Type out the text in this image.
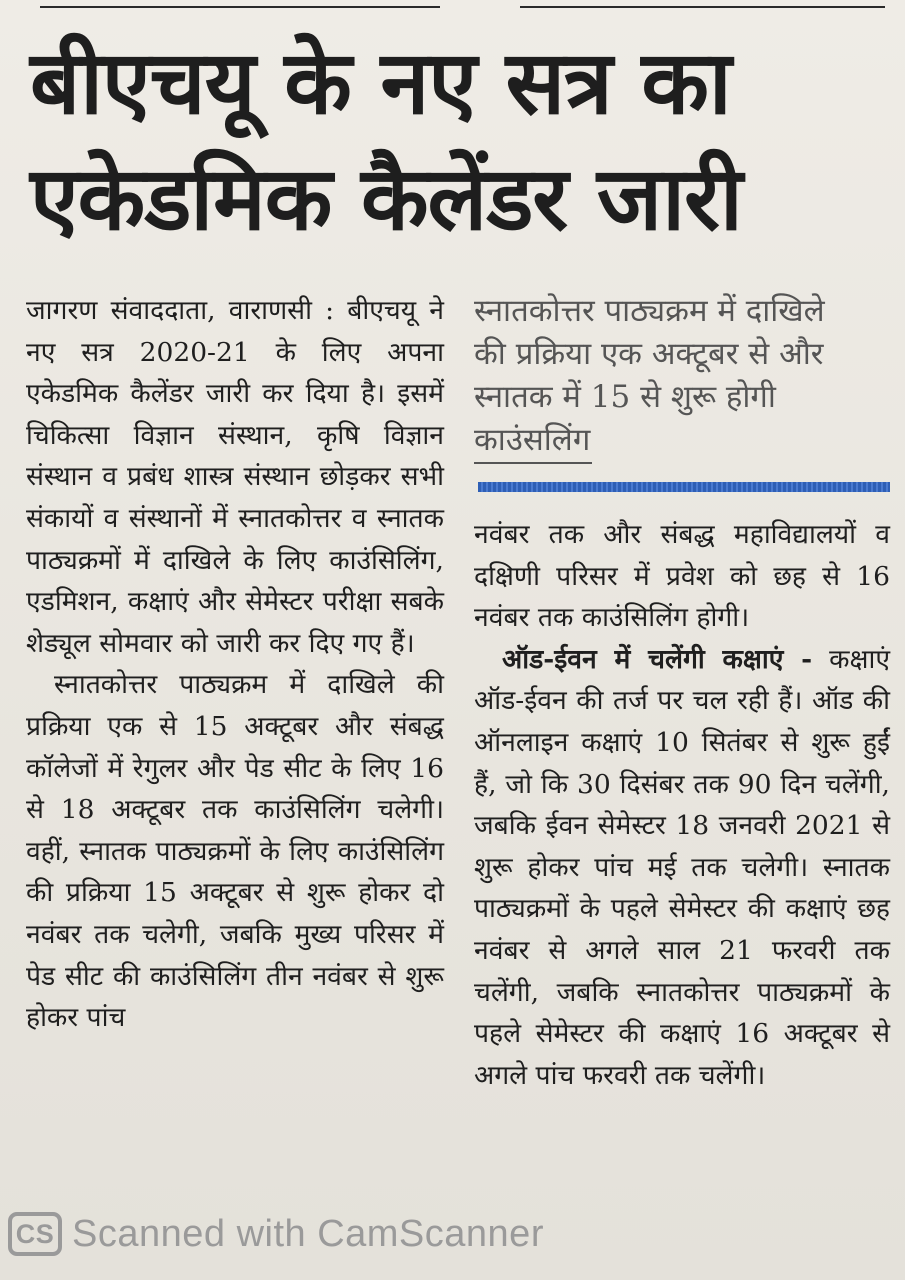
बीएचयू के नए सत्र का
एकेडमिक कैलेंडर जारी

जागरण संवाददाता, वाराणसी : बीएचयू ने नए सत्र 2020-21 के लिए अपना एकेडमिक कैलेंडर जारी कर दिया है। इसमें चिकित्सा विज्ञान संस्थान, कृषि विज्ञान संस्थान व प्रबंध शास्त्र संस्थान छोड़कर सभी संकायों व संस्थानों में स्नातकोत्तर व स्नातक पाठ्यक्रमों में दाखिले के लिए काउंसिलिंग, एडमिशन, कक्षाएं और सेमेस्टर परीक्षा सबके शेड्यूल सोमवार को जारी कर दिए गए हैं।

स्नातकोत्तर पाठ्यक्रम में दाखिले की प्रक्रिया एक से 15 अक्टूबर और संबद्ध कॉलेजों में रेगुलर और पेड सीट के लिए 16 से 18 अक्टूबर तक काउंसिलिंग चलेगी। वहीं, स्नातक पाठ्यक्रमों के लिए काउंसिलिंग की प्रक्रिया 15 अक्टूबर से शुरू होकर दो नवंबर तक चलेगी, जबकि मुख्य परिसर में पेड सीट की काउंसिलिंग तीन नवंबर से शुरू होकर पांच

स्नातकोत्तर पाठ्यक्रम में दाखिले

की प्रक्रिया एक अक्टूबर से और

स्नातक में 15 से शुरू होगी

काउंसलिंग

नवंबर तक और संबद्ध महाविद्यालयों व दक्षिणी परिसर में प्रवेश को छह से 16 नवंबर तक काउंसिलिंग होगी।

ऑड-ईवन में चलेंगी कक्षाएं - कक्षाएं ऑड-ईवन की तर्ज पर चल रही हैं। ऑड की ऑनलाइन कक्षाएं 10 सितंबर से शुरू हुईं हैं, जो कि 30 दिसंबर तक 90 दिन चलेंगी, जबकि ईवन सेमेस्टर 18 जनवरी 2021 से शुरू होकर पांच मई तक चलेगी। स्नातक पाठ्यक्रमों के पहले सेमेस्टर की कक्षाएं छह नवंबर से अगले साल 21 फरवरी तक चलेंगी, जबकि स्नातकोत्तर पाठ्यक्रमों के पहले सेमेस्टर की कक्षाएं 16 अक्टूबर से अगले पांच फरवरी तक चलेंगी।

CS Scanned with CamScanner
